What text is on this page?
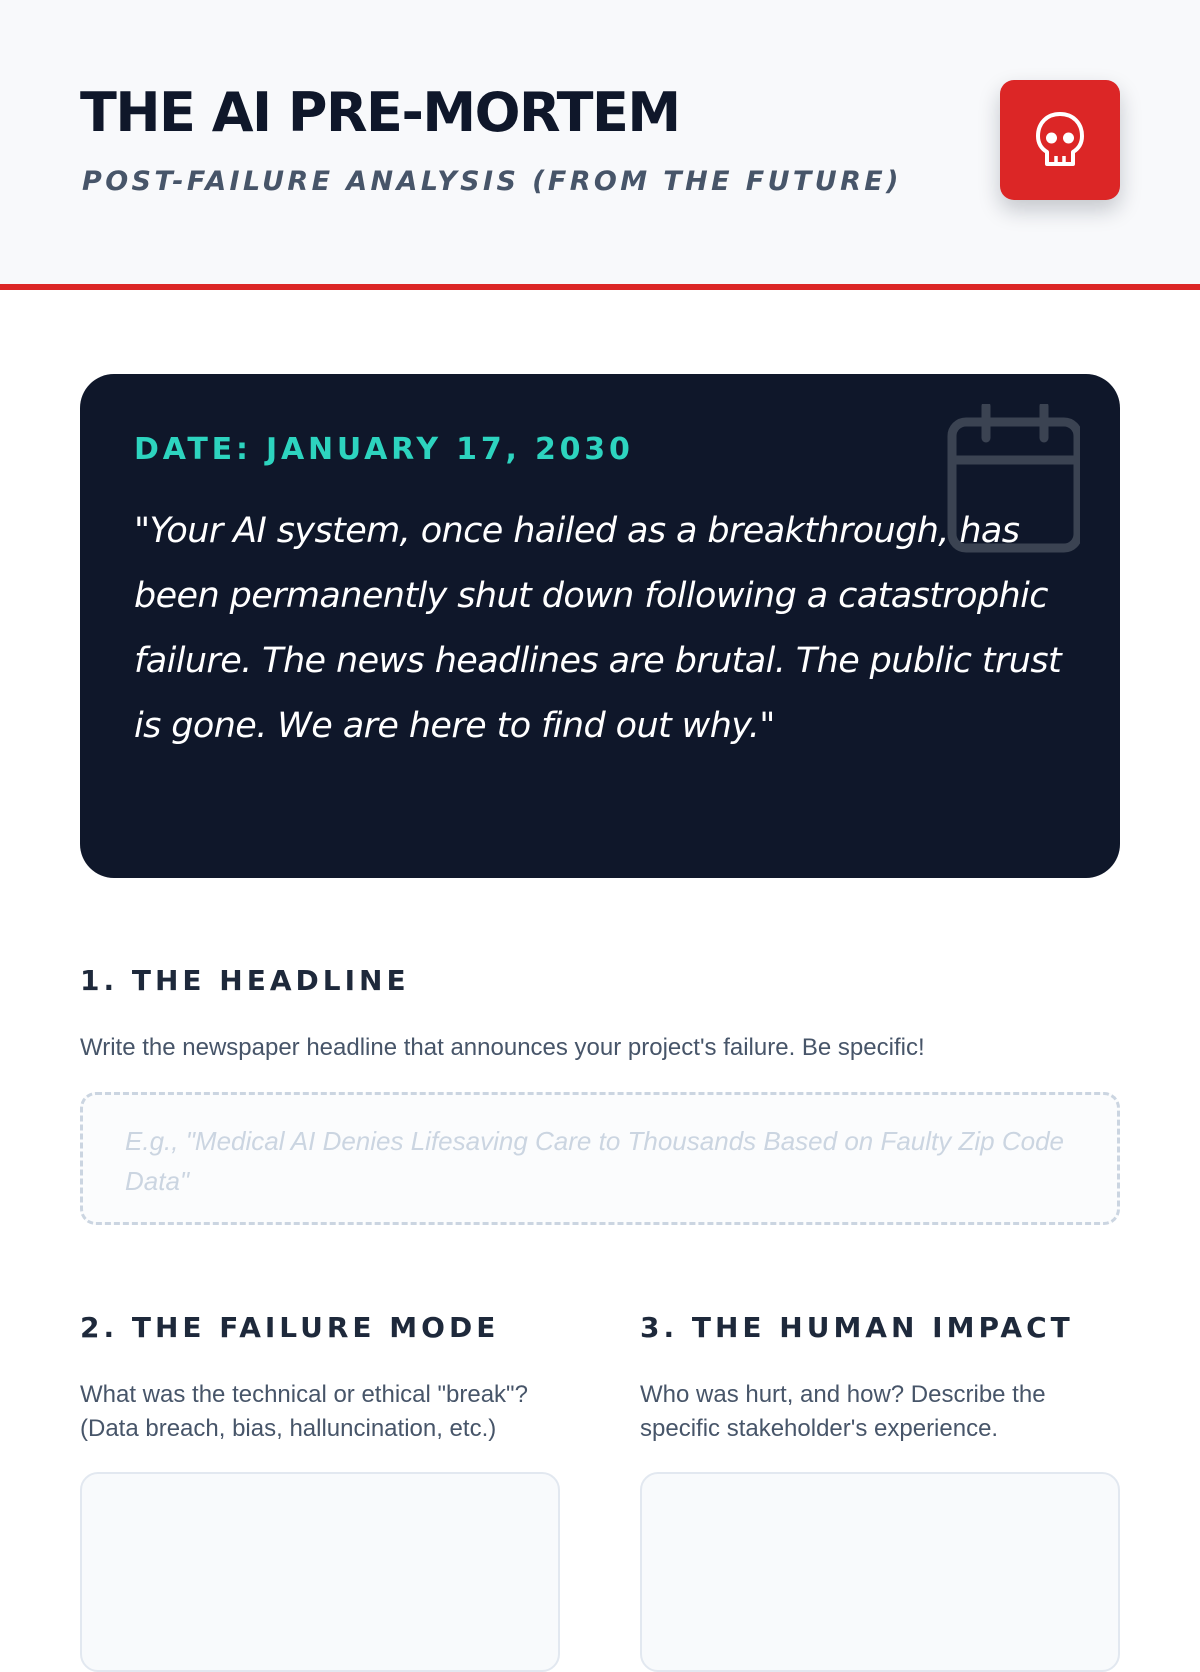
THE AI PRE-MORTEM

POST-FAILURE ANALYSIS (FROM THE FUTURE)

DATE: JANUARY 17, 2030

"Your AI system, once hailed as a breakthrough, has been permanently shut down following a catastrophic failure. The news headlines are brutal. The public trust is gone. We are here to find out why."

1. THE HEADLINE

Write the newspaper headline that announces your project's failure. Be specific!

E.g., "Medical AI Denies Lifesaving Care to Thousands Based on Faulty Zip Code Data"
2. THE FAILURE MODE

What was the technical or ethical "break"? (Data breach, bias, halluncination, etc.)

3. THE HUMAN IMPACT

Who was hurt, and how? Describe the specific stakeholder's experience.
